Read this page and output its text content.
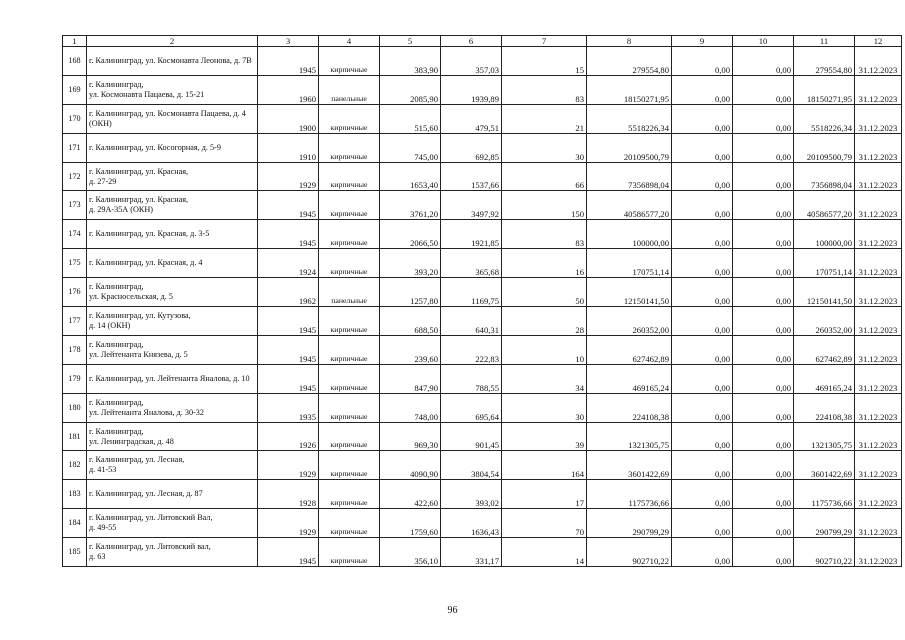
1	2	3	4	5	6	7	8	9	10	11	12
168	г. Калининград, ул. Космонавта Леонова, д. 7В	1945	кирпичные	383,90	357,03	15	279554,80	0,00	0,00	279554,80	31.12.2023
169	г. Калининград,
ул. Космонавта Пацаева, д. 15-21	1960	панельные	2085,90	1939,89	83	18150271,95	0,00	0,00	18150271,95	31.12.2023
170	г. Калининград, ул. Космонавта Пацаева, д. 4 (ОКН)	1900	кирпичные	515,60	479,51	21	5518226,34	0,00	0,00	5518226,34	31.12.2023
171	г. Калининград, ул. Косогорная, д. 5-9	1910	кирпичные	745,00	692,85	30	20109500,79	0,00	0,00	20109500,79	31.12.2023
172	г. Калининград, ул. Красная,
д. 27-29	1929	кирпичные	1653,40	1537,66	66	7356898,04	0,00	0,00	7356898,04	31.12.2023
173	г. Калининград, ул. Красная,
д. 29А-35А (ОКН)	1945	кирпичные	3761,20	3497,92	150	40586577,20	0,00	0,00	40586577,20	31.12.2023
174	г. Калининград, ул. Красная, д. 3-5	1945	кирпичные	2066,50	1921,85	83	100000,00	0,00	0,00	100000,00	31.12.2023
175	г. Калининград, ул. Красная, д. 4	1924	кирпичные	393,20	365,68	16	170751,14	0,00	0,00	170751,14	31.12.2023
176	г. Калининград,
ул. Красносельская, д. 5	1962	панельные	1257,80	1169,75	50	12150141,50	0,00	0,00	12150141,50	31.12.2023
177	г. Калининград, ул. Кутузова,
д. 14 (ОКН)	1945	кирпичные	688,50	640,31	28	260352,00	0,00	0,00	260352,00	31.12.2023
178	г. Калининград,
ул. Лейтенанта Князева, д. 5	1945	кирпичные	239,60	222,83	10	627462,89	0,00	0,00	627462,89	31.12.2023
179	г. Калининград, ул. Лейтенанта Яналова, д. 10	1945	кирпичные	847,90	788,55	34	469165,24	0,00	0,00	469165,24	31.12.2023
180	г. Калининград,
ул. Лейтенанта Яналова, д. 30-32	1935	кирпичные	748,00	695,64	30	224108,38	0,00	0,00	224108,38	31.12.2023
181	г. Калининград,
ул. Ленинградская, д. 48	1926	кирпичные	969,30	901,45	39	1321305,75	0,00	0,00	1321305,75	31.12.2023
182	г. Калининград, ул. Лесная,
д. 41-53	1929	кирпичные	4090,90	3804,54	164	3601422,69	0,00	0,00	3601422,69	31.12.2023
183	г. Калининград, ул. Лесная, д. 87	1928	кирпичные	422,60	393,02	17	1175736,66	0,00	0,00	1175736,66	31.12.2023
184	г. Калининград, ул. Литовский Вал,
д. 49-55	1929	кирпичные	1759,60	1636,43	70	290799,29	0,00	0,00	290799,29	31.12.2023
185	г. Калининград, ул. Литовский вал,
д. 63	1945	кирпичные	356,10	331,17	14	902710,22	0,00	0,00	902710,22	31.12.2023
96
